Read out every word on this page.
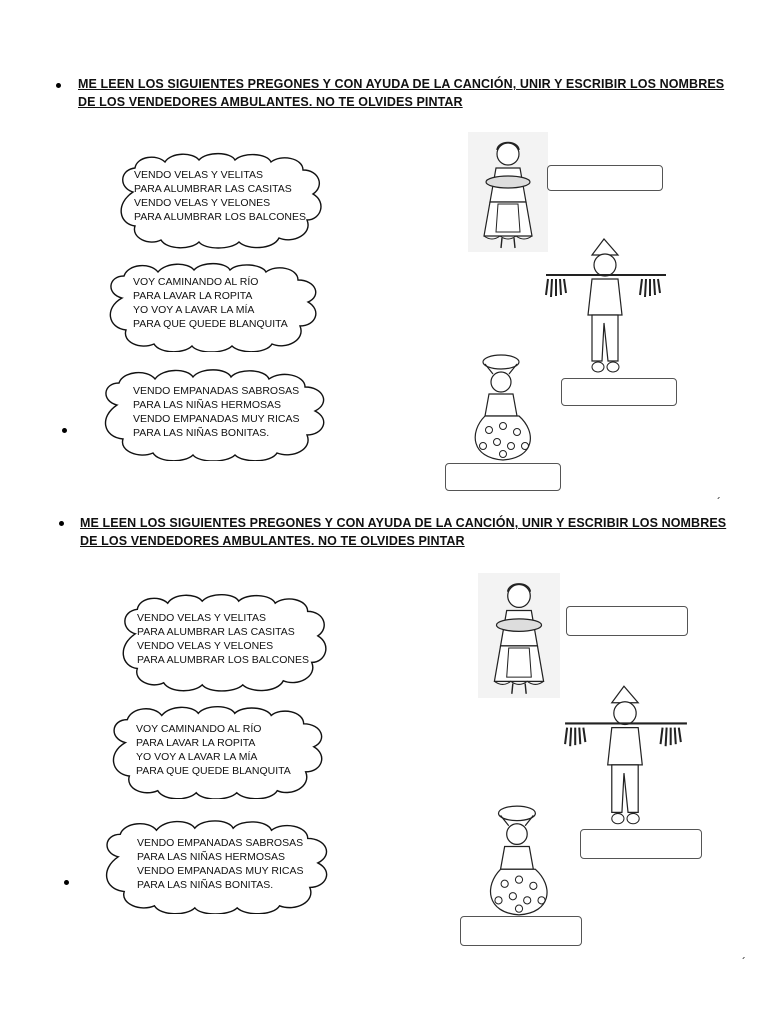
ME LEEN LOS SIGUIENTES PREGONES Y CON AYUDA DE LA CANCIÓN, UNIR Y ESCRIBIR LOS NOMBRES
DE LOS VENDEDORES AMBULANTES. NO TE OLVIDES PINTAR
VENDO VELAS Y VELITAS
PARA ALUMBRAR LAS CASITAS
VENDO VELAS Y VELONES
PARA ALUMBRAR LOS BALCONES
VOY CAMINANDO AL RÍO
PARA LAVAR LA ROPITA
YO VOY A LAVAR LA MÍA
PARA QUE QUEDE BLANQUITA
VENDO EMPANADAS SABROSAS
PARA LAS NIÑAS HERMOSAS
VENDO EMPANADAS MUY RICAS
PARA LAS NIÑAS BONITAS.
´
ME LEEN LOS SIGUIENTES PREGONES Y CON AYUDA DE LA CANCIÓN, UNIR Y ESCRIBIR LOS NOMBRES
DE LOS VENDEDORES AMBULANTES. NO TE OLVIDES PINTAR
VENDO VELAS Y VELITAS
PARA ALUMBRAR LAS CASITAS
VENDO VELAS Y VELONES
PARA ALUMBRAR LOS BALCONES
VOY CAMINANDO AL RÍO
PARA LAVAR LA ROPITA
YO VOY A LAVAR LA MÍA
PARA QUE QUEDE BLANQUITA
VENDO EMPANADAS SABROSAS
PARA LAS NIÑAS HERMOSAS
VENDO EMPANADAS MUY RICAS
PARA LAS NIÑAS BONITAS.
´
